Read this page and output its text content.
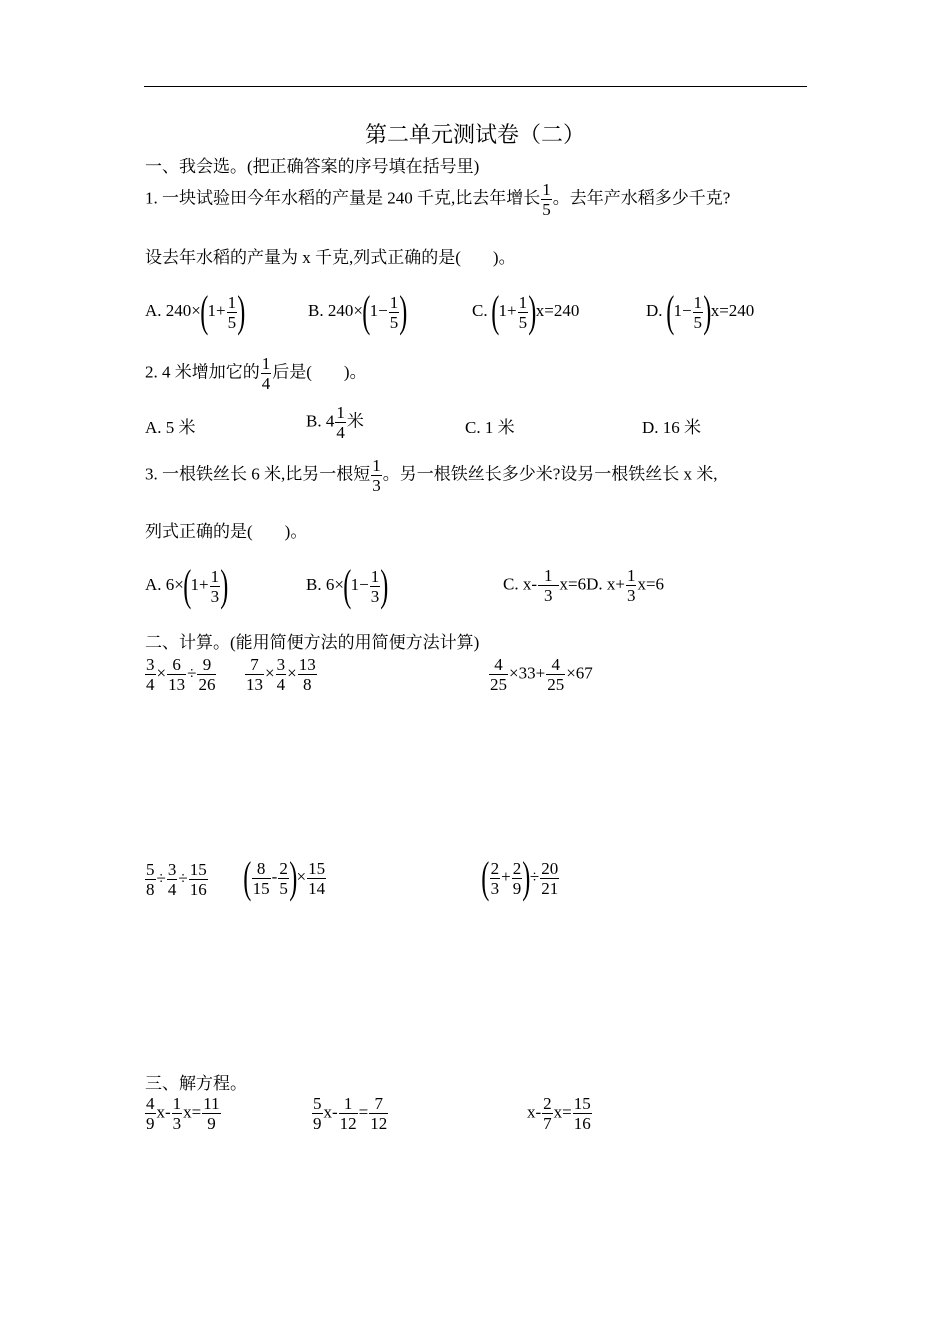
第二单元测试卷（二）
一、我会选。(把正确答案的序号填在括号里)
1. 一块试验田今年水稻的产量是 240 千克,比去年增长 $\frac{1}{5}$ 。去年产水稻多少千克?
设去年水稻的产量为 x 千克,列式正确的是( )。
A. $240\times(1+ \frac{1}{5}$ )	B. $240\times(1- \frac{1}{5}$ )	C. $(1+ \frac{1}{5} )x=240$	D. $(1- \frac{1}{5} )x=240$
2. 4 米增加它的 $\frac{1}{4}$ 后是( )。
A. 5 米	B. $4 \frac{1}{4}$ 米	C. 1 米	D. 16 米
3. 一根铁丝长 6 米,比另一根短 $\frac{1}{3}$ 。另一根铁丝长多少米?设另一根铁丝长 x 米,
列式正确的是( )。
A. $6\times(1+ \frac{1}{3}$ )	B. $6\times(1- \frac{1}{3}$ )	C. $x- \frac{1}{3} x=6D$. $x+ \frac{1}{3} x=6$
二、计算。(能用简便方法的用简便方法计算)
$\frac{3}{4} \times \frac{6}{13} \div \frac{9}{26} \frac{7}{13} \times \frac{3}{4} \times \frac{13}{8}$	$\frac{4}{25} \times 33+ \frac{4}{25} \times 67$
$\frac{5}{8} \div \frac{3}{4} \div \frac{15}{16}$ ( $\frac{8}{15} - \frac{2}{5}$ )× $\frac{15}{14}$	( $\frac{2}{3} + \frac{2}{9}$ )÷ $\frac{20}{21}$
三、解方程。
$\frac{4}{9} x- \frac{1}{3} x= \frac{11}{9}$	$\frac{5}{9} x- \frac{1}{12} = \frac{7}{12}$	$x- \frac{2}{7} x= \frac{15}{16}$
